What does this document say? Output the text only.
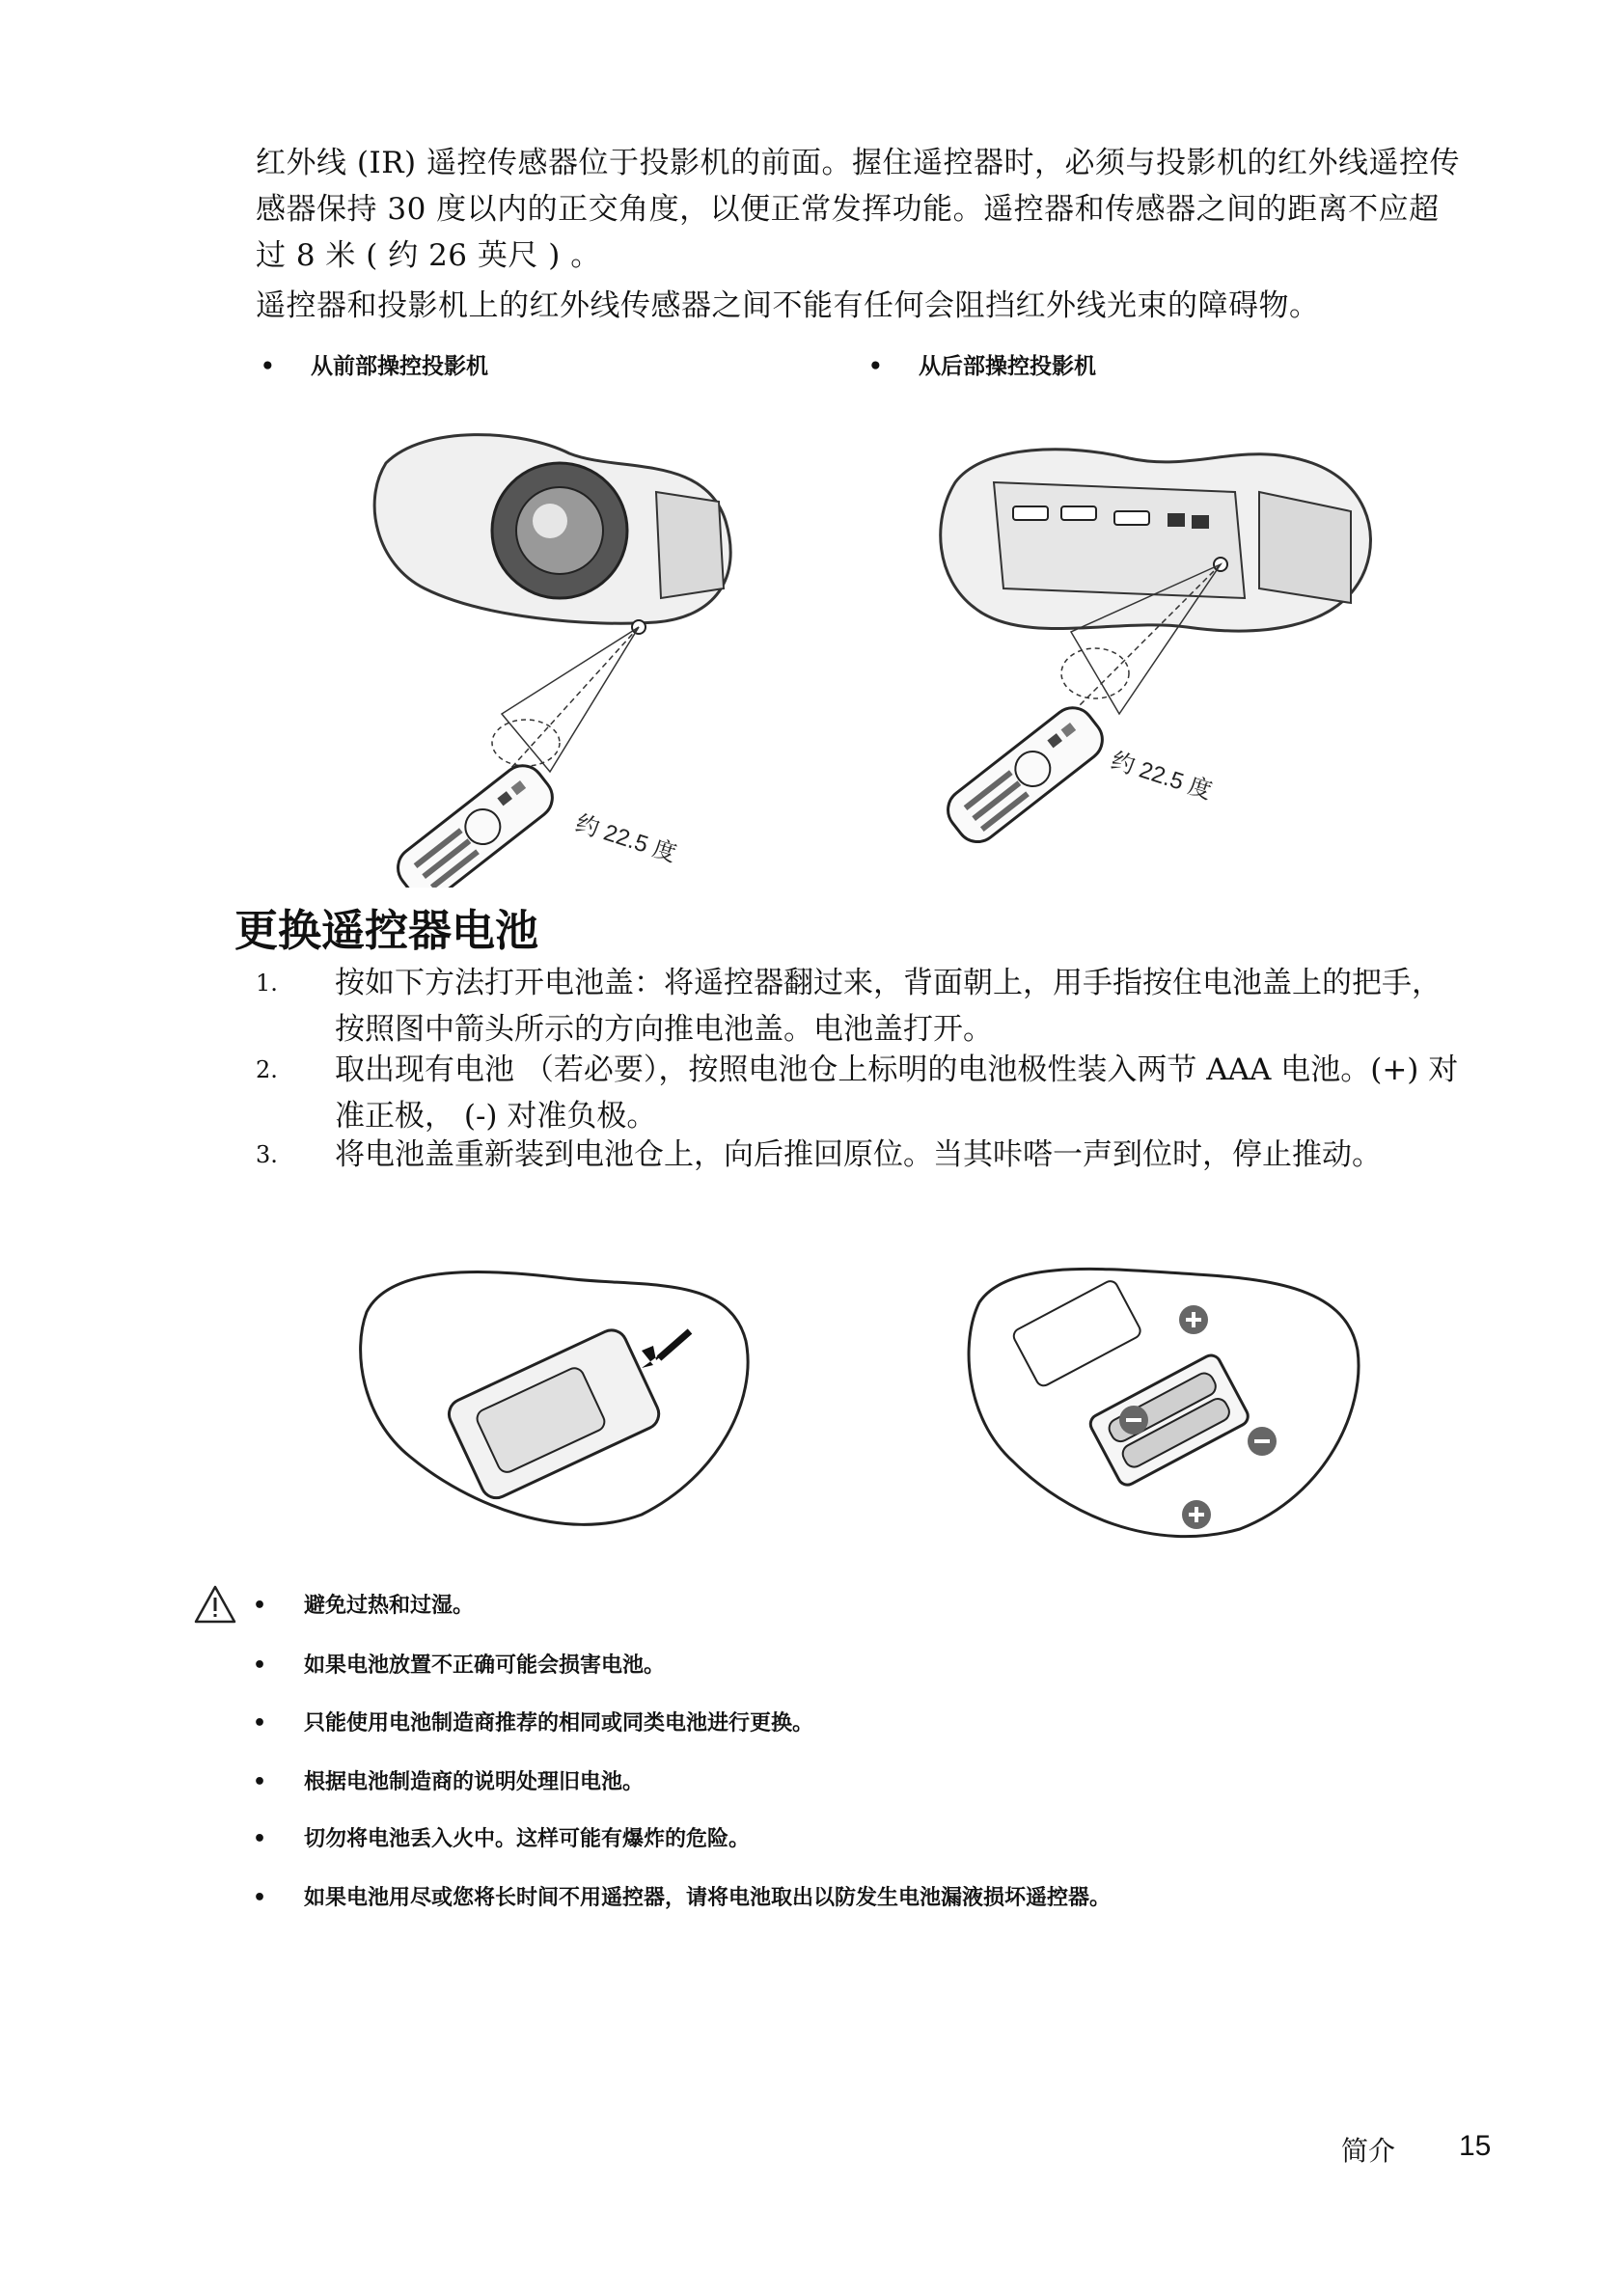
红外线 (IR) 遥控传感器位于投影机的前面。握住遥控器时，必须与投影机的红外线遥控传感器保持 30 度以内的正交角度，以便正常发挥功能。遥控器和传感器之间的距离不应超过 8 米 ( 约 26 英尺 ) 。

遥控器和投影机上的红外线传感器之间不能有任何会阻挡红外线光束的障碍物。

• 从前部操控投影机	• 从后部操控投影机
约 22.5 度
约 22.5 度
更换遥控器电池
1. 按如下方法打开电池盖：将遥控器翻过来，背面朝上，用手指按住电池盖上的把手，按照图中箭头所示的方向推电池盖。电池盖打开。
2. 取出现有电池 （若必要），按照电池仓上标明的电池极性装入两节 AAA 电池。(+) 对准正极， (-) 对准负极。
3. 将电池盖重新装到电池仓上，向后推回原位。当其咔嗒一声到位时，停止推动。
• 避免过热和过湿。
• 如果电池放置不正确可能会损害电池。
• 只能使用电池制造商推荐的相同或同类电池进行更换。
• 根据电池制造商的说明处理旧电池。
• 切勿将电池丢入火中。这样可能有爆炸的危险。
• 如果电池用尽或您将长时间不用遥控器，请将电池取出以防发生电池漏液损坏遥控器。
简介 15
